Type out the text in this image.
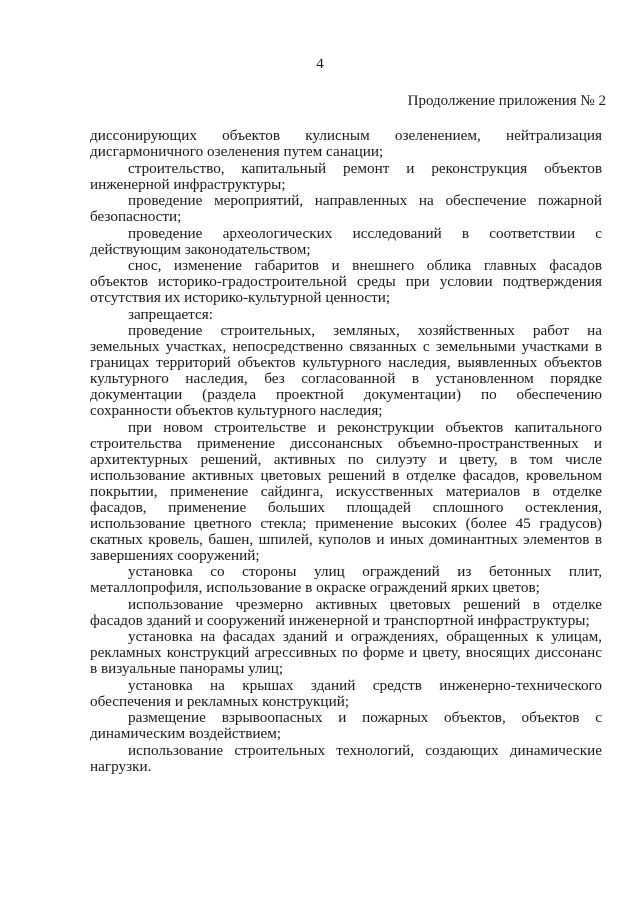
4
Продолжение приложения № 2

диссонирующих объектов кулисным озеленением, нейтрализация дисгармоничного озеленения путем санации;

строительство, капитальный ремонт и реконструкция объектов инженерной инфраструктуры;

проведение мероприятий, направленных на обеспечение пожарной безопасности;

проведение археологических исследований в соответствии с действующим законодательством;

снос, изменение габаритов и внешнего облика главных фасадов объектов историко-градостроительной среды при условии подтверждения отсутствия их историко-культурной ценности;

запрещается:

проведение строительных, земляных, хозяйственных работ на земельных участках, непосредственно связанных с земельными участками в границах территорий объектов культурного наследия, выявленных объектов культурного наследия, без согласованной в установленном порядке документации (раздела проектной документации) по обеспечению сохранности объектов культурного наследия;

при новом строительстве и реконструкции объектов капитального строительства применение диссонансных объемно-пространственных и архитектурных решений, активных по силуэту и цвету, в том числе использование активных цветовых решений в отделке фасадов, кровельном покрытии, применение сайдинга, искусственных материалов в отделке фасадов, применение больших площадей сплошного остекления, использование цветного стекла; применение высоких (более 45 градусов) скатных кровель, башен, шпилей, куполов и иных доминантных элементов в завершениях сооружений;

установка со стороны улиц ограждений из бетонных плит, металлопрофиля, использование в окраске ограждений ярких цветов;

использование чрезмерно активных цветовых решений в отделке фасадов зданий и сооружений инженерной и транспортной инфраструктуры;

установка на фасадах зданий и ограждениях, обращенных к улицам, рекламных конструкций агрессивных по форме и цвету, вносящих диссонанс в визуальные панорамы улиц;

установка на крышах зданий средств инженерно-технического обеспечения и рекламных конструкций;

размещение взрывоопасных и пожарных объектов, объектов с динамическим воздействием;

использование строительных технологий, создающих динамические нагрузки.
